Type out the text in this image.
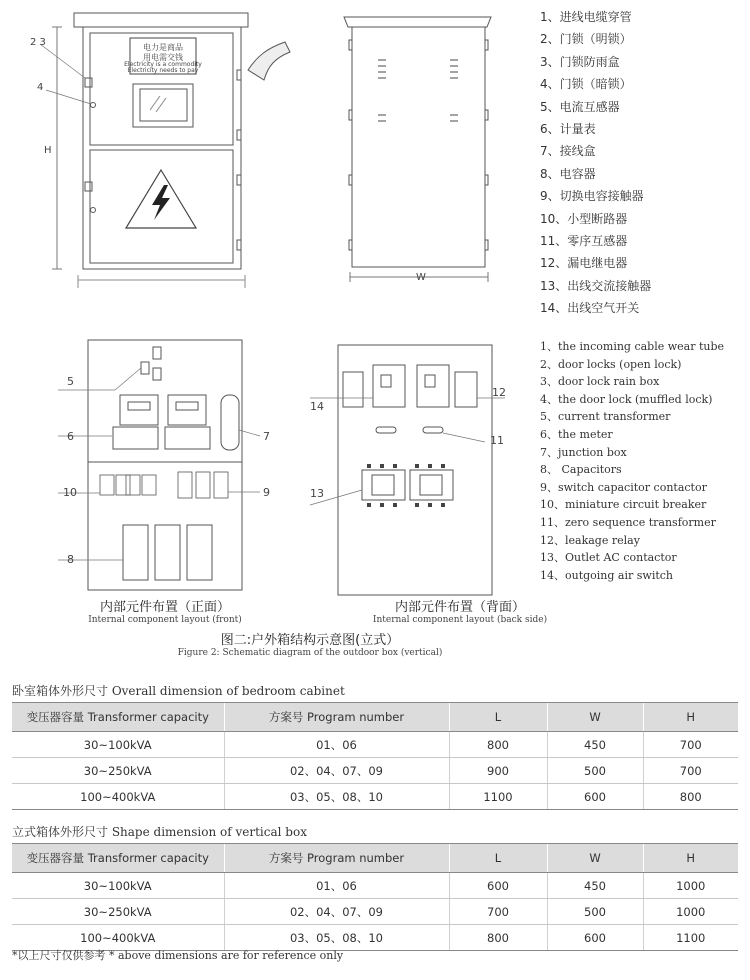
2 3
4
H
电力是商品
用电需交钱
Electricity is a commodity
Electricity needs to pay
W
5
6	7
10	9
8
14
12
11
13
1、进线电缆穿管
2、门锁（明锁）
3、门锁防雨盒
4、门锁（暗锁）
5、电流互感器
6、计量表
7、接线盒
8、电容器
9、切换电容接触器
10、小型断路器
11、零序互感器
12、漏电继电器
13、出线交流接触器
14、出线空气开关
1、the incoming cable wear tube
2、door locks (open lock)
3、door lock rain box
4、the door lock (muffled lock)
5、current transformer
6、the meter
7、junction box
8、 Capacitors
9、switch capacitor contactor
10、miniature circuit breaker
11、zero sequence transformer
12、leakage relay
13、Outlet AC contactor
14、outgoing air switch
内部元件布置（正面）
Internal component layout (front)
内部元件布置（背面）
Internal component layout (back side)
图二:户外箱结构示意图(立式）
Figure 2: Schematic diagram of the outdoor box (vertical)
卧室箱体外形尺寸 Overall dimension of bedroom cabinet
变压器容量 Transformer capacity	方案号 Program number	L	W	H
30~100kVA	01、06	800	450	700
30~250kVA	02、04、07、09	900	500	700
100~400kVA	03、05、08、10	1100	600	800
立式箱体外形尺寸 Shape dimension of vertical box
变压器容量 Transformer capacity	方案号 Program number	L	W	H
30~100kVA	01、06	600	450	1000
30~250kVA	02、04、07、09	700	500	1000
100~400kVA	03、05、08、10	800	600	1100
*以上尺寸仅供参考 * above dimensions are for reference only
